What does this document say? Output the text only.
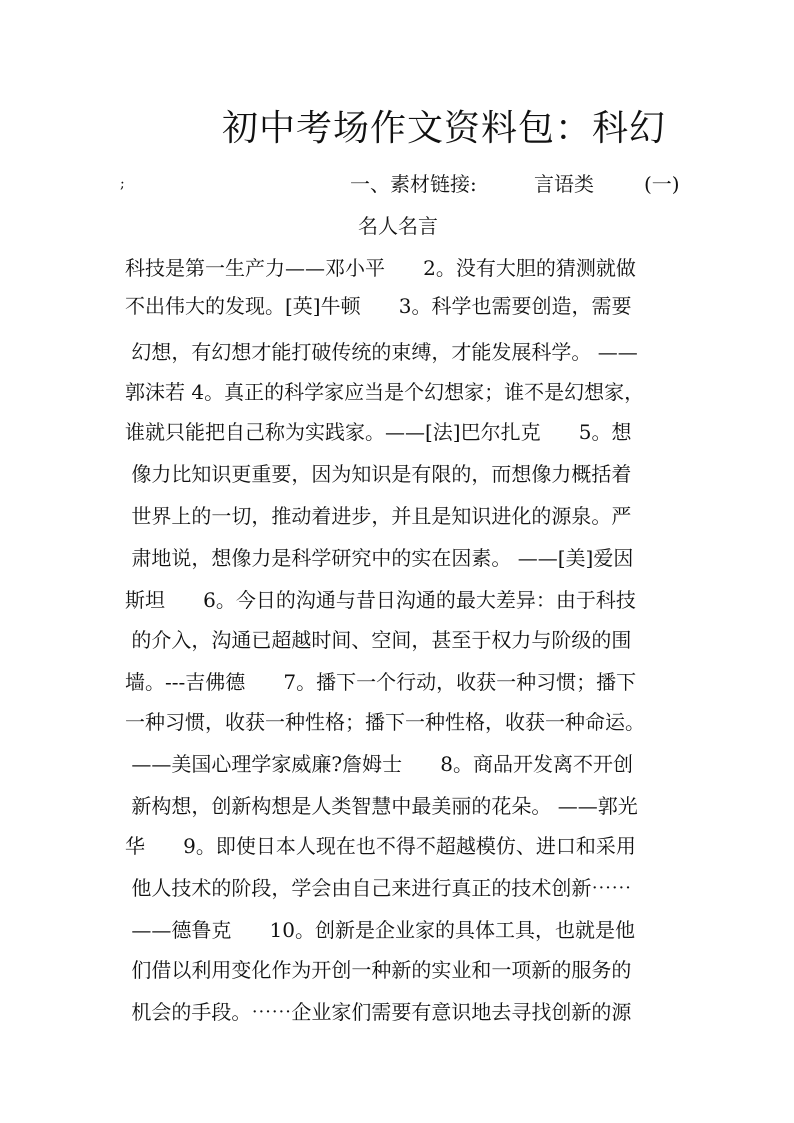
初中考场作文资料包：科幻
;	一、素材链接:	言语类	(一)
名人名言
科技是第一生产力——邓小平      2。没有大胆的猜测就做
不出伟大的发现。[英]牛顿      3。科学也需要创造，需要
幻想，有幻想才能打破传统的束缚，才能发展科学。 ——
郭沫若 4。真正的科学家应当是个幻想家；谁不是幻想家，
谁就只能把自己称为实践家。——[法]巴尔扎克      5。想
像力比知识更重要，因为知识是有限的，而想像力概括着
世界上的一切，推动着进步，并且是知识进化的源泉。严
肃地说，想像力是科学研究中的实在因素。 ——[美]爱因
斯坦      6。今日的沟通与昔日沟通的最大差异：由于科技
的介入，沟通已超越时间、空间，甚至于权力与阶级的围
墙。---吉佛德      7。播下一个行动，收获一种习惯；播下
一种习惯，收获一种性格；播下一种性格，收获一种命运。
——美国心理学家威廉?詹姆士      8。商品开发离不开创
新构想，创新构想是人类智慧中最美丽的花朵。 ——郭光
华      9。即使日本人现在也不得不超越模仿、进口和采用
他人技术的阶段，学会由自己来进行真正的技术创新⋯⋯
——德鲁克      10。创新是企业家的具体工具，也就是他
们借以利用变化作为开创一种新的实业和一项新的服务的
机会的手段。⋯⋯企业家们需要有意识地去寻找创新的源
